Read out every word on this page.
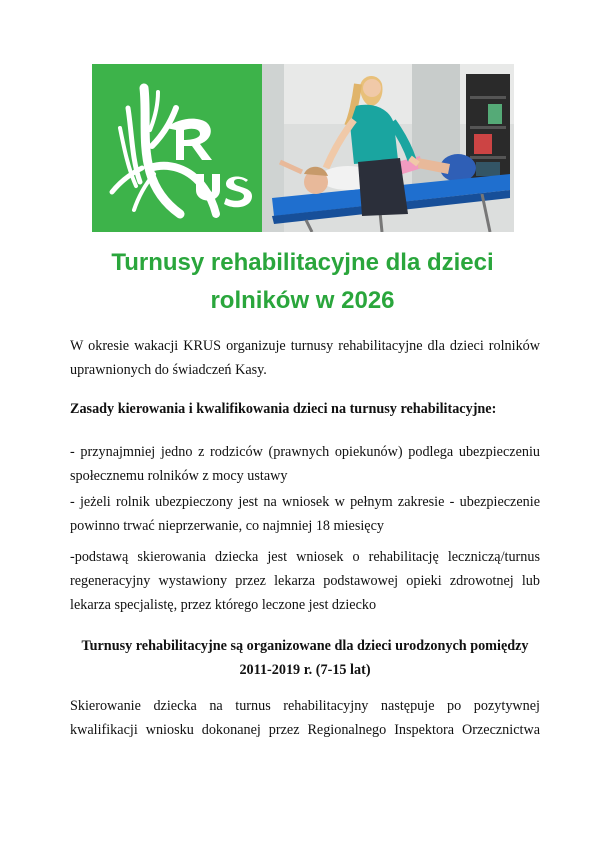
Turnusy rehabilitacyjne dla dzieci
rolników w 2026
W okresie wakacji KRUS organizuje turnusy rehabilitacyjne dla dzieci rolników uprawnionych do świadczeń Kasy.
Zasady kierowania i kwalifikowania dzieci na turnusy rehabilitacyjne:
- przynajmniej jedno z rodziców (prawnych opiekunów) podlega ubezpieczeniu społecznemu rolników z mocy ustawy
- jeżeli rolnik ubezpieczony jest na wniosek w pełnym zakresie - ubezpieczenie powinno trwać nieprzerwanie, co najmniej 18 miesięcy
-podstawą skierowania dziecka jest wniosek o rehabilitację leczniczą/turnus regeneracyjny wystawiony przez lekarza podstawowej opieki zdrowotnej lub lekarza specjalistę, przez którego leczone jest dziecko
Turnusy rehabilitacyjne są organizowane dla dzieci urodzonych pomiędzy
2011-2019 r. (7-15 lat)
Skierowanie dziecka na turnus rehabilitacyjny następuje po pozytywnej kwalifikacji wniosku dokonanej przez Regionalnego Inspektora Orzecznictwa
